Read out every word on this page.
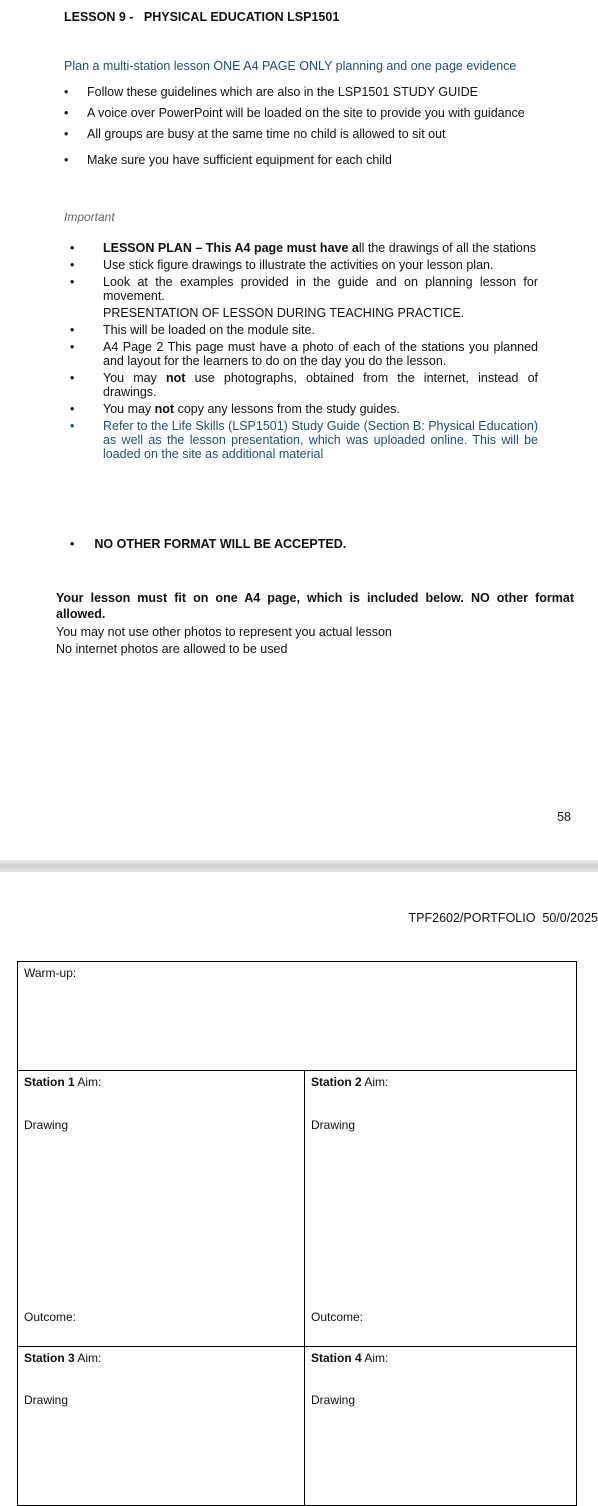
LESSON 9 -   PHYSICAL EDUCATION LSP1501
Plan a multi-station lesson ONE A4 PAGE ONLY planning and one page evidence
• Follow these guidelines which are also in the LSP1501 STUDY GUIDE
• A voice over PowerPoint will be loaded on the site to provide you with guidance
• All groups are busy at the same time no child is allowed to sit out
• Make sure you have sufficient equipment for each child
Important
• LESSON PLAN – This A4 page must have all the drawings of all the stations
• Use stick figure drawings to illustrate the activities on your lesson plan.
• Look at the examples provided in the guide and on planning lesson for movement.
PRESENTATION OF LESSON DURING TEACHING PRACTICE.
• This will be loaded on the module site.
• A4 Page 2 This page must have a photo of each of the stations you planned and layout for the learners to do on the day you do the lesson.
• You may not use photographs, obtained from the internet, instead of drawings.
• You may not copy any lessons from the study guides.
• Refer to the Life Skills (LSP1501) Study Guide (Section B: Physical Education) as well as the lesson presentation, which was uploaded online. This will be loaded on the site as additional material
• NO OTHER FORMAT WILL BE ACCEPTED.
Your lesson must fit on one A4 page, which is included below. NO other format allowed.
You may not use other photos to represent you actual lesson
No internet photos are allowed to be used
58
TPF2602/PORTFOLIO  50/0/2025
Warm-up:
Station 1 Aim:
Drawing
Outcome:
Station 2 Aim:
Drawing
Outcome:
Station 3 Aim:
Drawing
Station 4 Aim:
Drawing
